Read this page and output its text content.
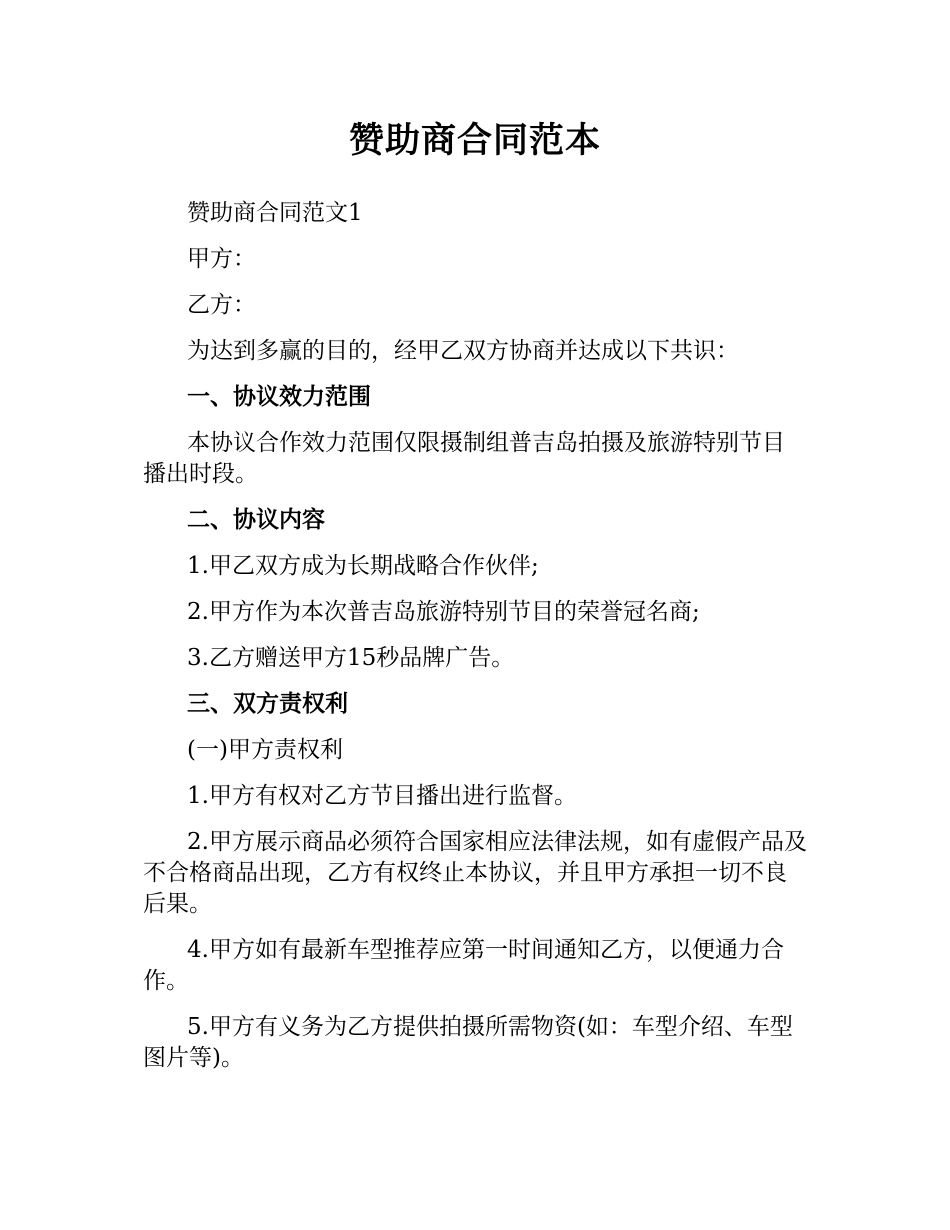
赞助商合同范本

赞助商合同范文1

甲方：

乙方：

为达到多赢的目的，经甲乙双方协商并达成以下共识：

一、协议效力范围

本协议合作效力范围仅限摄制组普吉岛拍摄及旅游特别节目播出时段。

二、协议内容

1.甲乙双方成为长期战略合作伙伴;

2.甲方作为本次普吉岛旅游特别节目的荣誉冠名商;

3.乙方赠送甲方15秒品牌广告。

三、双方责权利

(一)甲方责权利

1.甲方有权对乙方节目播出进行监督。

2.甲方展示商品必须符合国家相应法律法规，如有虚假产品及不合格商品出现，乙方有权终止本协议，并且甲方承担一切不良后果。

4.甲方如有最新车型推荐应第一时间通知乙方，以便通力合作。

5.甲方有义务为乙方提供拍摄所需物资(如：车型介绍、车型图片等)。
